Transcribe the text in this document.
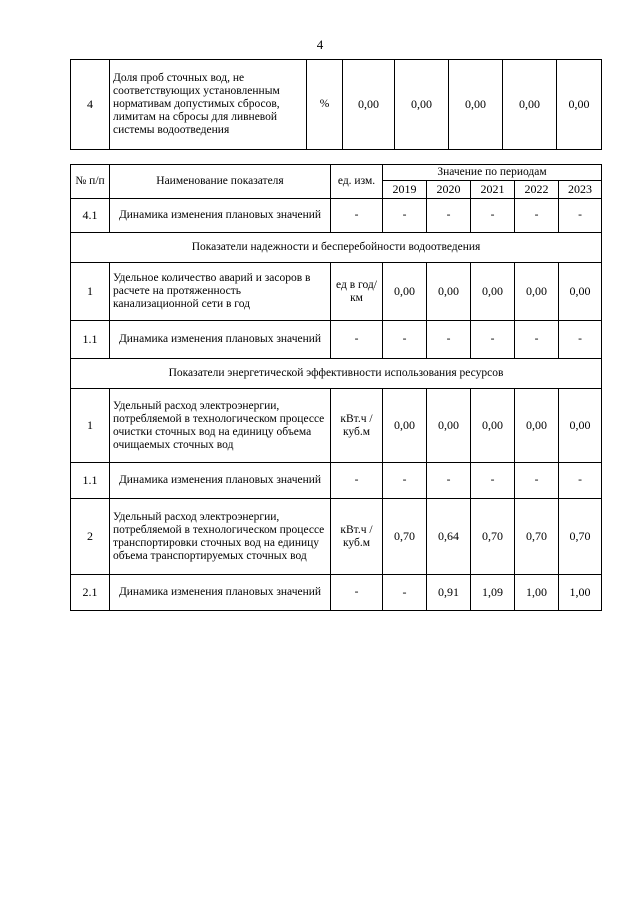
4
4	Доля проб сточных вод, не соответствующих установленным нормативам допустимых сбросов, лимитам на сбросы для ливневой системы водоотведения	%	0,00	0,00	0,00	0,00	0,00
№ п/п	Наименование показателя	ед. изм.	Значение по периодам				
			2019	2020	2021	2022	2023
4.1	Динамика изменения плановых значений	-	-	-	-	-	-
Показатели надежности и бесперебойности водоотведения							
1	Удельное количество аварий и засоров в расчете на протяженность канализационной сети в год	ед в год/ км	0,00	0,00	0,00	0,00	0,00
1.1	Динамика изменения плановых значений	-	-	-	-	-	-
Показатели энергетической эффективности использования ресурсов							
1	Удельный расход электроэнергии, потребляемой в технологическом процессе очистки сточных вод на единицу объема очищаемых сточных вод	кВт.ч / куб.м	0,00	0,00	0,00	0,00	0,00
1.1	Динамика изменения плановых значений	-	-	-	-	-	-
2	Удельный расход электроэнергии, потребляемой в технологическом процессе транспортировки сточных вод на единицу объема транспортируемых сточных вод	кВт.ч / куб.м	0,70	0,64	0,70	0,70	0,70
2.1	Динамика изменения плановых значений	-	-	0,91	1,09	1,00	1,00
